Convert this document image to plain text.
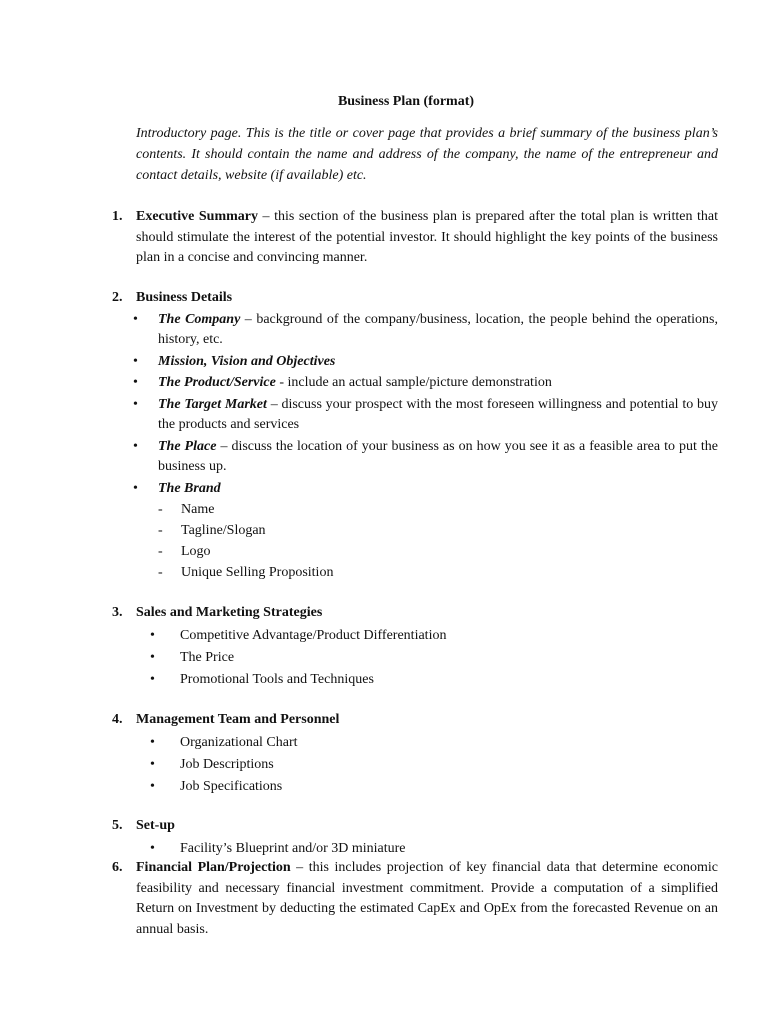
Business Plan (format)
Introductory page. This is the title or cover page that provides a brief summary of the business plan’s contents. It should contain the name and address of the company, the name of the entrepreneur and contact details, website (if available) etc.
1. Executive Summary – this section of the business plan is prepared after the total plan is written that should stimulate the interest of the potential investor. It should highlight the key points of the business plan in a concise and convincing manner.
2. Business Details
• The Company – background of the company/business, location, the people behind the operations, history, etc.
• Mission, Vision and Objectives
• The Product/Service - include an actual sample/picture demonstration
• The Target Market – discuss your prospect with the most foreseen willingness and potential to buy the products and services
• The Place – discuss the location of your business as on how you see it as a feasible area to put the business up.
• The Brand
- Name
- Tagline/Slogan
- Logo
- Unique Selling Proposition
3. Sales and Marketing Strategies
• Competitive Advantage/Product Differentiation
• The Price
• Promotional Tools and Techniques
4. Management Team and Personnel
• Organizational Chart
• Job Descriptions
• Job Specifications
5. Set-up
• Facility’s Blueprint and/or 3D miniature
6. Financial Plan/Projection – this includes projection of key financial data that determine economic feasibility and necessary financial investment commitment. Provide a computation of a simplified Return on Investment by deducting the estimated CapEx and OpEx from the forecasted Revenue on an annual basis.
